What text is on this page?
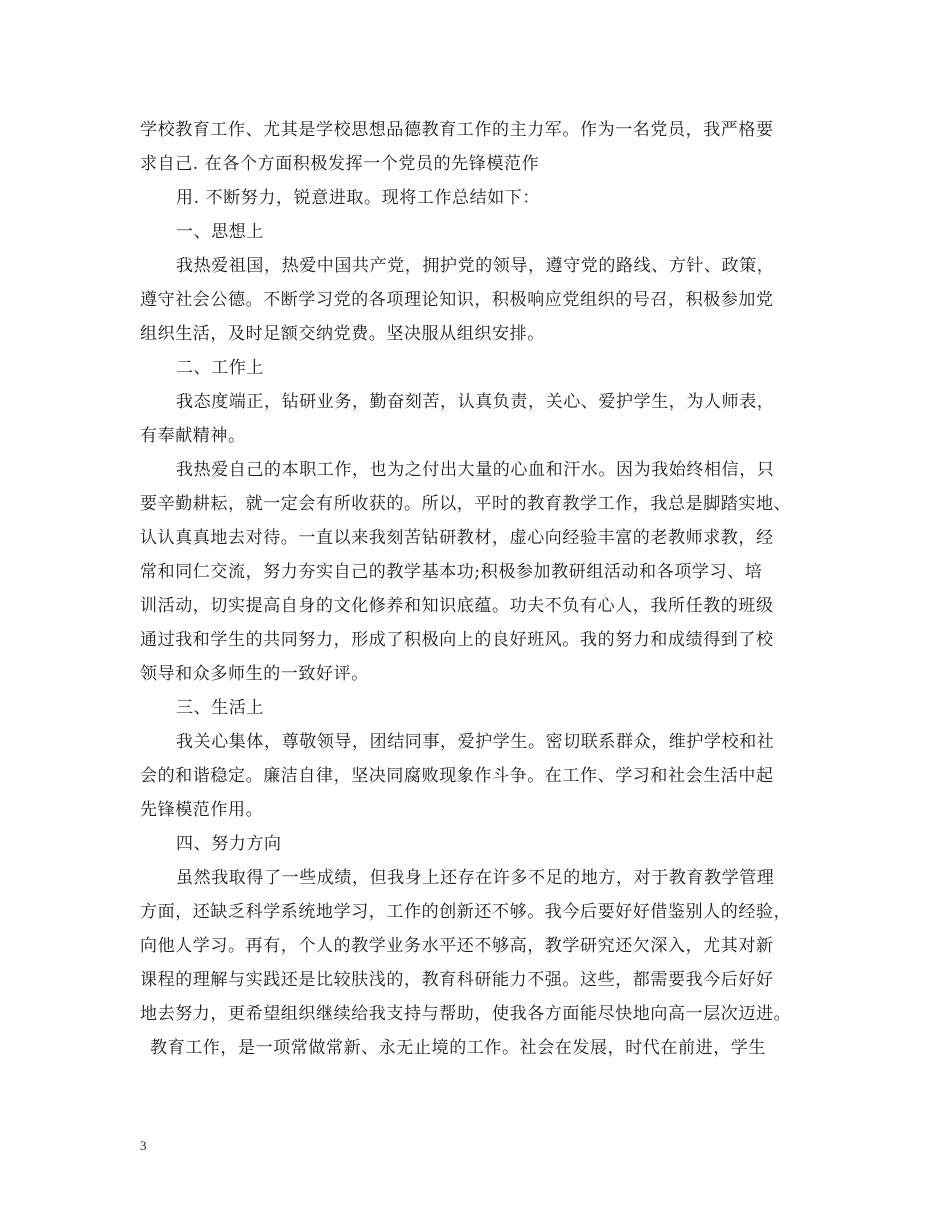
学校教育工作、尤其是学校思想品德教育工作的主力军。作为一名党员，我严格要
求自己. 在各个方面积极发挥一个党员的先锋模范作
用. 不断努力，锐意进取。现将工作总结如下：
一、思想上
我热爱祖国，热爱中国共产党，拥护党的领导，遵守党的路线、方针、政策，
遵守社会公德。不断学习党的各项理论知识，积极响应党组织的号召，积极参加党
组织生活，及时足额交纳党费。坚决服从组织安排。
二、工作上
我态度端正，钻研业务，勤奋刻苦，认真负责，关心、爱护学生，为人师表，
有奉献精神。
我热爱自己的本职工作，也为之付出大量的心血和汗水。因为我始终相信，只
要辛勤耕耘，就一定会有所收获的。所以，平时的教育教学工作，我总是脚踏实地、
认认真真地去对待。一直以来我刻苦钻研教材，虚心向经验丰富的老教师求教，经
常和同仁交流，努力夯实自己的教学基本功;积极参加教研组活动和各项学习、培
训活动，切实提高自身的文化修养和知识底蕴。功夫不负有心人，我所任教的班级
通过我和学生的共同努力，形成了积极向上的良好班风。我的努力和成绩得到了校
领导和众多师生的一致好评。
三、生活上
我关心集体，尊敬领导，团结同事，爱护学生。密切联系群众，维护学校和社
会的和谐稳定。廉洁自律，坚决同腐败现象作斗争。在工作、学习和社会生活中起
先锋模范作用。
四、努力方向
虽然我取得了一些成绩，但我身上还存在许多不足的地方，对于教育教学管理
方面，还缺乏科学系统地学习，工作的创新还不够。我今后要好好借鉴别人的经验，
向他人学习。再有，个人的教学业务水平还不够高，教学研究还欠深入，尤其对新
课程的理解与实践还是比较肤浅的，教育科研能力不强。这些，都需要我今后好好
地去努力，更希望组织继续给我支持与帮助，使我各方面能尽快地向高一层次迈进。
教育工作，是一项常做常新、永无止境的工作。社会在发展，时代在前进，学生
3
